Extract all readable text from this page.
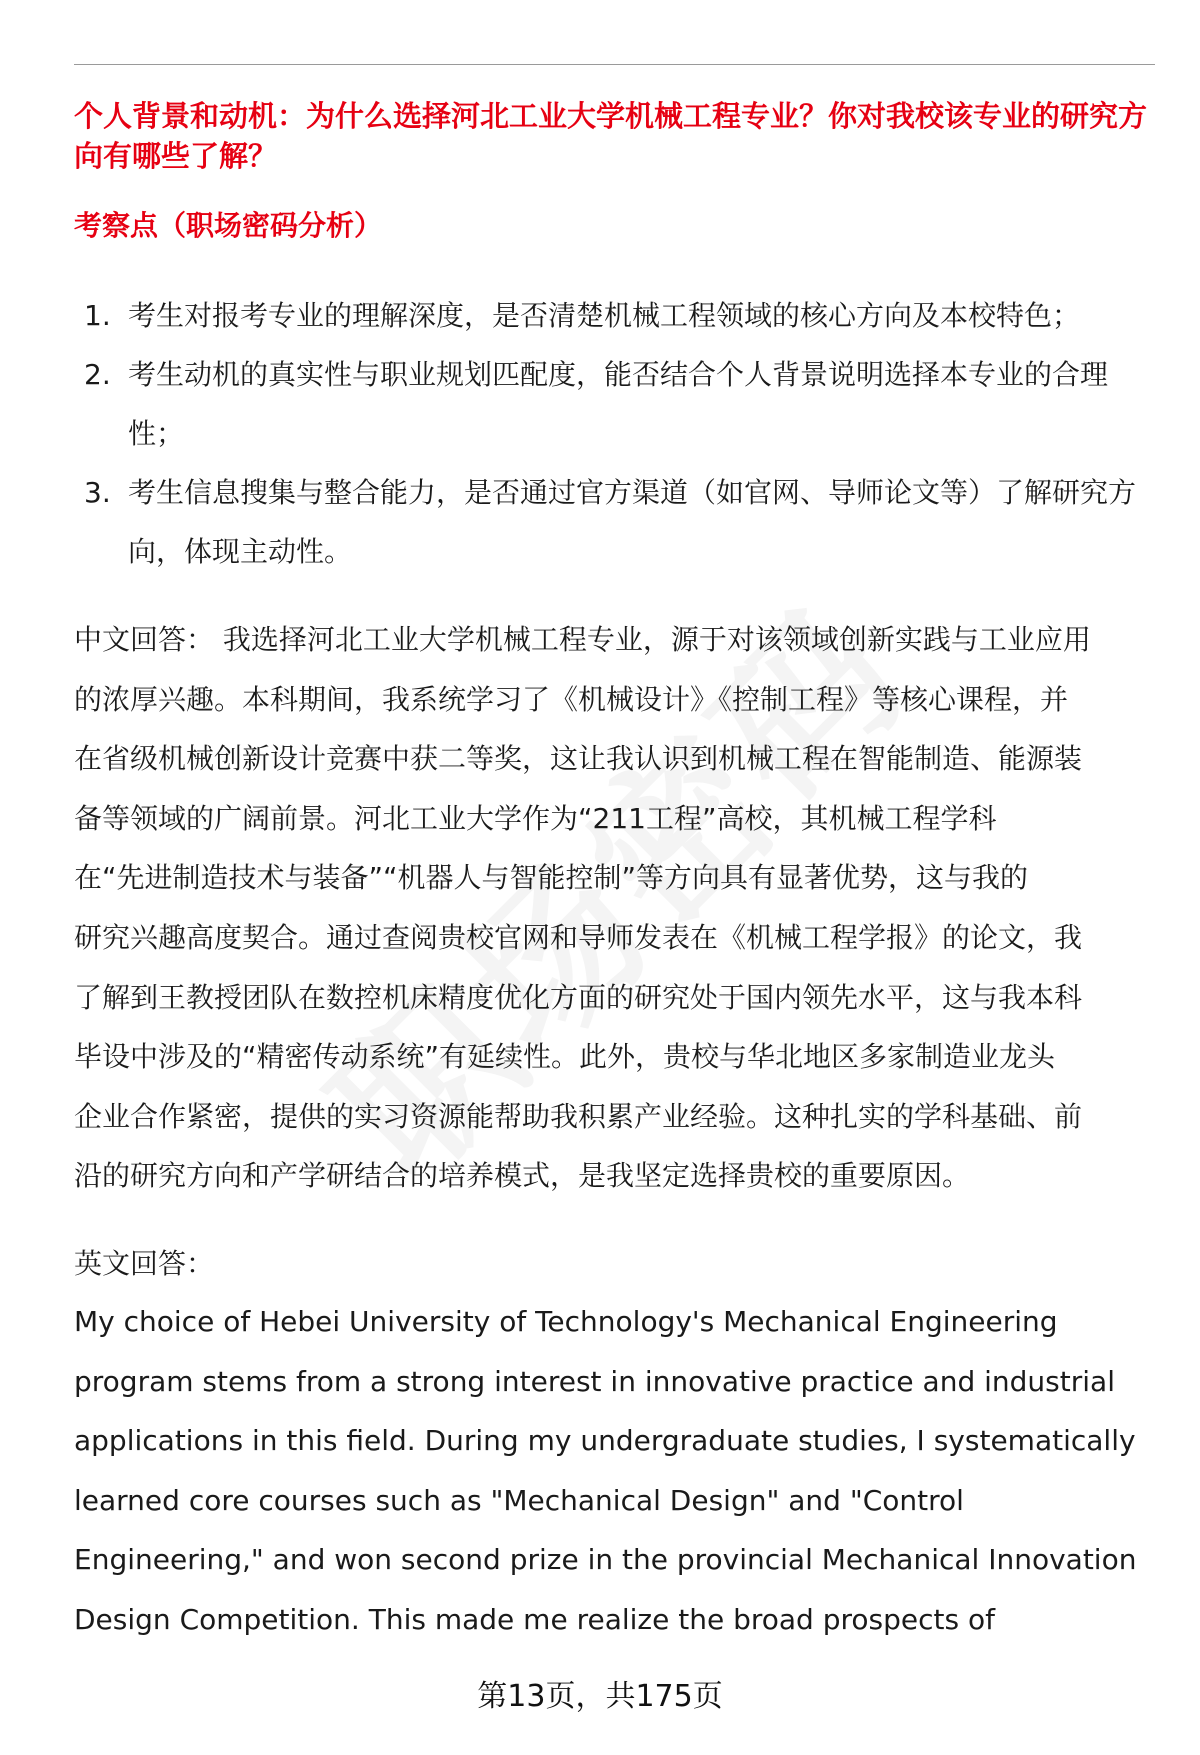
个人背景和动机：为什么选择河北工业大学机械工程专业？你对我校该专业的研究方向有哪些了解？
考察点（职场密码分析）
1. 考生对报考专业的理解深度，是否清楚机械工程领域的核心方向及本校特色；
2. 考生动机的真实性与职业规划匹配度，能否结合个人背景说明选择本专业的合理性；
3. 考生信息搜集与整合能力，是否通过官方渠道（如官网、导师论文等）了解研究方向，体现主动性。
中文回答： 我选择河北工业大学机械工程专业，源于对该领域创新实践与工业应用
的浓厚兴趣。本科期间，我系统学习了《机械设计》《控制工程》等核心课程，并
在省级机械创新设计竞赛中获二等奖，这让我认识到机械工程在智能制造、能源装
备等领域的广阔前景。河北工业大学作为“211工程”高校，其机械工程学科
在“先进制造技术与装备”“机器人与智能控制”等方向具有显著优势，这与我的
研究兴趣高度契合。通过查阅贵校官网和导师发表在《机械工程学报》的论文，我
了解到王教授团队在数控机床精度优化方面的研究处于国内领先水平，这与我本科
毕设中涉及的“精密传动系统”有延续性。此外，贵校与华北地区多家制造业龙头
企业合作紧密，提供的实习资源能帮助我积累产业经验。这种扎实的学科基础、前
沿的研究方向和产学研结合的培养模式，是我坚定选择贵校的重要原因。
英文回答：
My choice of Hebei University of Technology's Mechanical Engineering
program stems from a strong interest in innovative practice and industrial
applications in this field. During my undergraduate studies, I systematically
learned core courses such as "Mechanical Design" and "Control
Engineering," and won second prize in the provincial Mechanical Innovation
Design Competition. This made me realize the broad prospects of
第13页，共175页
